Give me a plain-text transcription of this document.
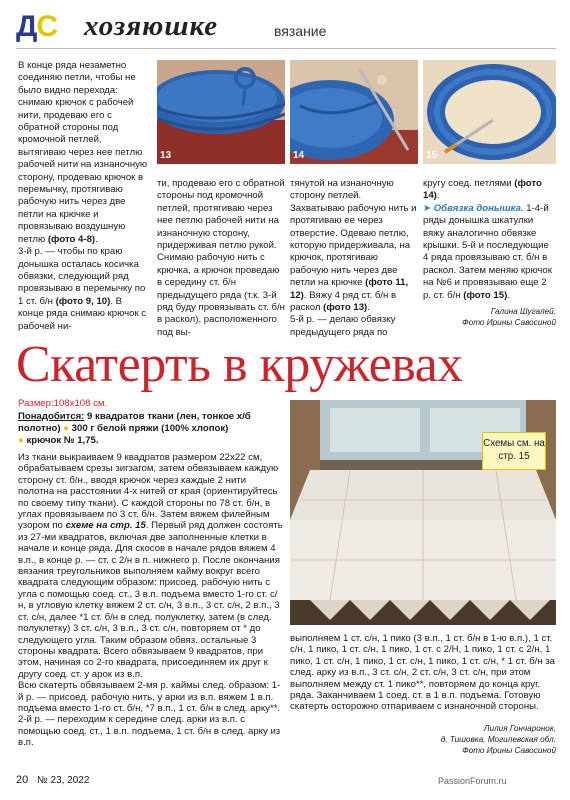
ДС хозяюшке	вязание

В конце ряда незаметно соединяю петли, чтобы не было видно перехода: снимаю крючок с рабочей нити, продеваю его с обратной стороны под кромочной петлей, вытягиваю через нее петлю рабочей нити на изнаночную сторону, продеваю крючок в перемычку, протягиваю рабочую нить через две петли на крючке и провязываю воздушную петлю (фото 4-8).
3-й р. — чтобы по краю донышка осталась косичка обвязки, следующий ряд провязываю в перемычку по 1 ст. б/н (фото 9, 10). В конце ряда снимаю крючок с рабочей ни-

13	14	15

ти, продеваю его с обратной стороны под кромочной петлей, протягиваю через нее петлю рабочей нити на изнаночную сторону, придерживая петлю рукой. Снимаю рабочую нить с крючка, а крючок проведаю в середину ст. б/н предыдущего ряда (т.к. 3-й ряд буду провязывать ст. б/н в раскол), расположенного под вы-

тянутой на изнаночную сторону петлей. Захватываю рабочую нить и протягиваю ее через отверстие. Одеваю петлю, которую придерживала, на крючок, протягиваю рабочую нить через две петли на крючке (фото 11, 12). Вяжу 4 ряд ст. б/н в раскол (фото 13).
5-й р. — делаю обвязку предыдущего ряда по

кругу соед. петлями (фото 14).
➤ Обвязка донышка. 1-4-й ряды донышка шкатулки вяжу аналогично обвязке крышки. 5-й и последующие 4 ряда провязываю ст. б/н в раскол. Затем меняю крючок на №6 и провязываю еще 2 р. ст. б/н (фото 15).

Галина Шугалей.

Фото Ирины Савосиной

Скатерть в кружевах
Размер:108х108 см.
Понадобится: 9 квадратов ткани (лен, тонкое х/б полотно) ● 300 г белой пряжи (100% хлопок)
● крючок № 1,75.	Схемы см. на стр. 15

Из ткани выкраиваем 9 квадратов размером 22х22 см, обрабатываем срезы зигзагом, затем обвязываем каждую сторону ст. б/н., вводя крючок через каждые 2 нити полотна на расстоянии 4-х нитей от края (ориентируйтесь по своему типу ткани). С каждой стороны по 78 ст. б/н, в углах провязываем по 3 ст. б/н. Затем вяжем филейным узором по схеме на стр. 15. Первый ряд должен состоять из 27-ми квадратов, включая две заполненные клетки в начале и конце ряда. Для скосов в начале рядов вяжем 4 в.п., в конце р. — ст. с 2/н в п. нижнего р. После окончания вязания треугольников выполняем кайму вокруг всего квадрата следующим образом: присоед. рабочую нить с угла с помощью соед. ст., 3 в.п. подъема вместо 1-го ст. с/н, в угловую клетку вяжем 2 ст. с/н, 3 в.п., 3 ст. с/н, 2 в.п., 3 ст. с/н, далее *1 ст. б/н в след. полуклетку, затем (в след. полуклетку) 3 ст. с/н, 3 в.п., 3 ст. с/н, повторяем от * до следующего угла. Таким образом обвяз. остальные 3 стороны квадрата. Всего обвязываем 9 квадратов, при этом, начиная со 2-го квадрата, присоединяем их друг к другу соед. ст. у арок из в.п.

Всю скатерть обвязываем 2-мя р. каймы след. образом: 1-й р. — присоед. рабочую нить, у арки из в.п. вяжем 1 в.п. подъема вместо 1-го ст. б/н, *7 в.п., 1 ст. б/н в след. арку**.

2-й р. — переходим к середине след. арки из в.п. с помощью соед. ст., 1 в.п. подъема, 1 ст. б/н в след. арку из в.п.

выполняем 1 ст. с/н, 1 пико (3 в.п., 1 ст. б/н в 1-ю в.п.), 1 ст. с/н, 1 пико, 1 ст. с/н, 1 пико, 1 ст. с 2/Н, 1 пико, 1 ст. с 2/н, 1 пико, 1 ст. с/н, 1 пико, 1 ст. с/н, 1 пико, 1 ст. с/н, * 1 ст. б/н за след. арку из в.п., 3 ст. с/н, 2 ст. с/н, 3 ст. с/н, при этом выполняем между ст. 1 пико**, повторяем до конца круг. ряда. Заканчиваем 1 соед. ст. в 1 в.п. подъема. Готовую скатерть осторожно отпариваем с изнаночной стороны.

Лилия Гончаронок,

д. Тишовка, Могилевская обл.

Фото Ирины Савосиной

20 № 23, 2022	PassionForum.ru
